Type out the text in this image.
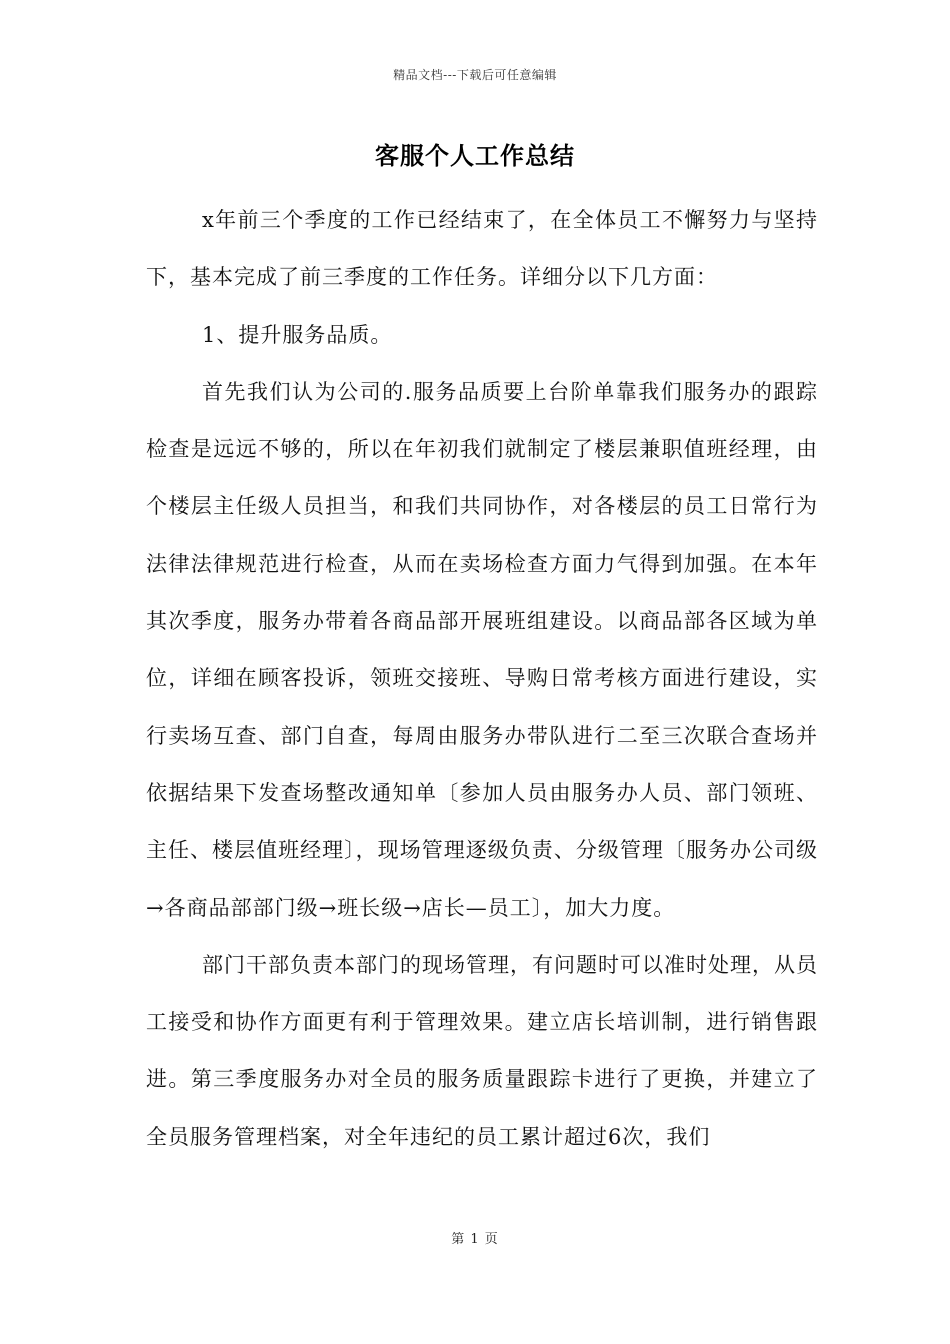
精品文档---下载后可任意编辑
客服个人工作总结

x年前三个季度的工作已经结束了，在全体员工不懈努力与坚持下，基本完成了前三季度的工作任务。详细分以下几方面：

1、提升服务品质。

首先我们认为公司的.服务品质要上台阶单靠我们服务办的跟踪检查是远远不够的，所以在年初我们就制定了楼层兼职值班经理，由个楼层主任级人员担当，和我们共同协作，对各楼层的员工日常行为法律法律规范进行检查，从而在卖场检查方面力气得到加强。在本年其次季度，服务办带着各商品部开展班组建设。以商品部各区域为单位，详细在顾客投诉，领班交接班、导购日常考核方面进行建设，实行卖场互查、部门自查，每周由服务办带队进行二至三次联合查场并依据结果下发查场整改通知单〔参加人员由服务办人员、部门领班、主任、楼层值班经理〕，现场管理逐级负责、分级管理〔服务办公司级→各商品部部门级→班长级→店长—员工〕，加大力度。

部门干部负责本部门的现场管理，有问题时可以准时处理，从员工接受和协作方面更有利于管理效果。建立店长培训制，进行销售跟进。第三季度服务办对全员的服务质量跟踪卡进行了更换，并建立了全员服务管理档案，对全年违纪的员工累计超过6次，我们

第 1 页
